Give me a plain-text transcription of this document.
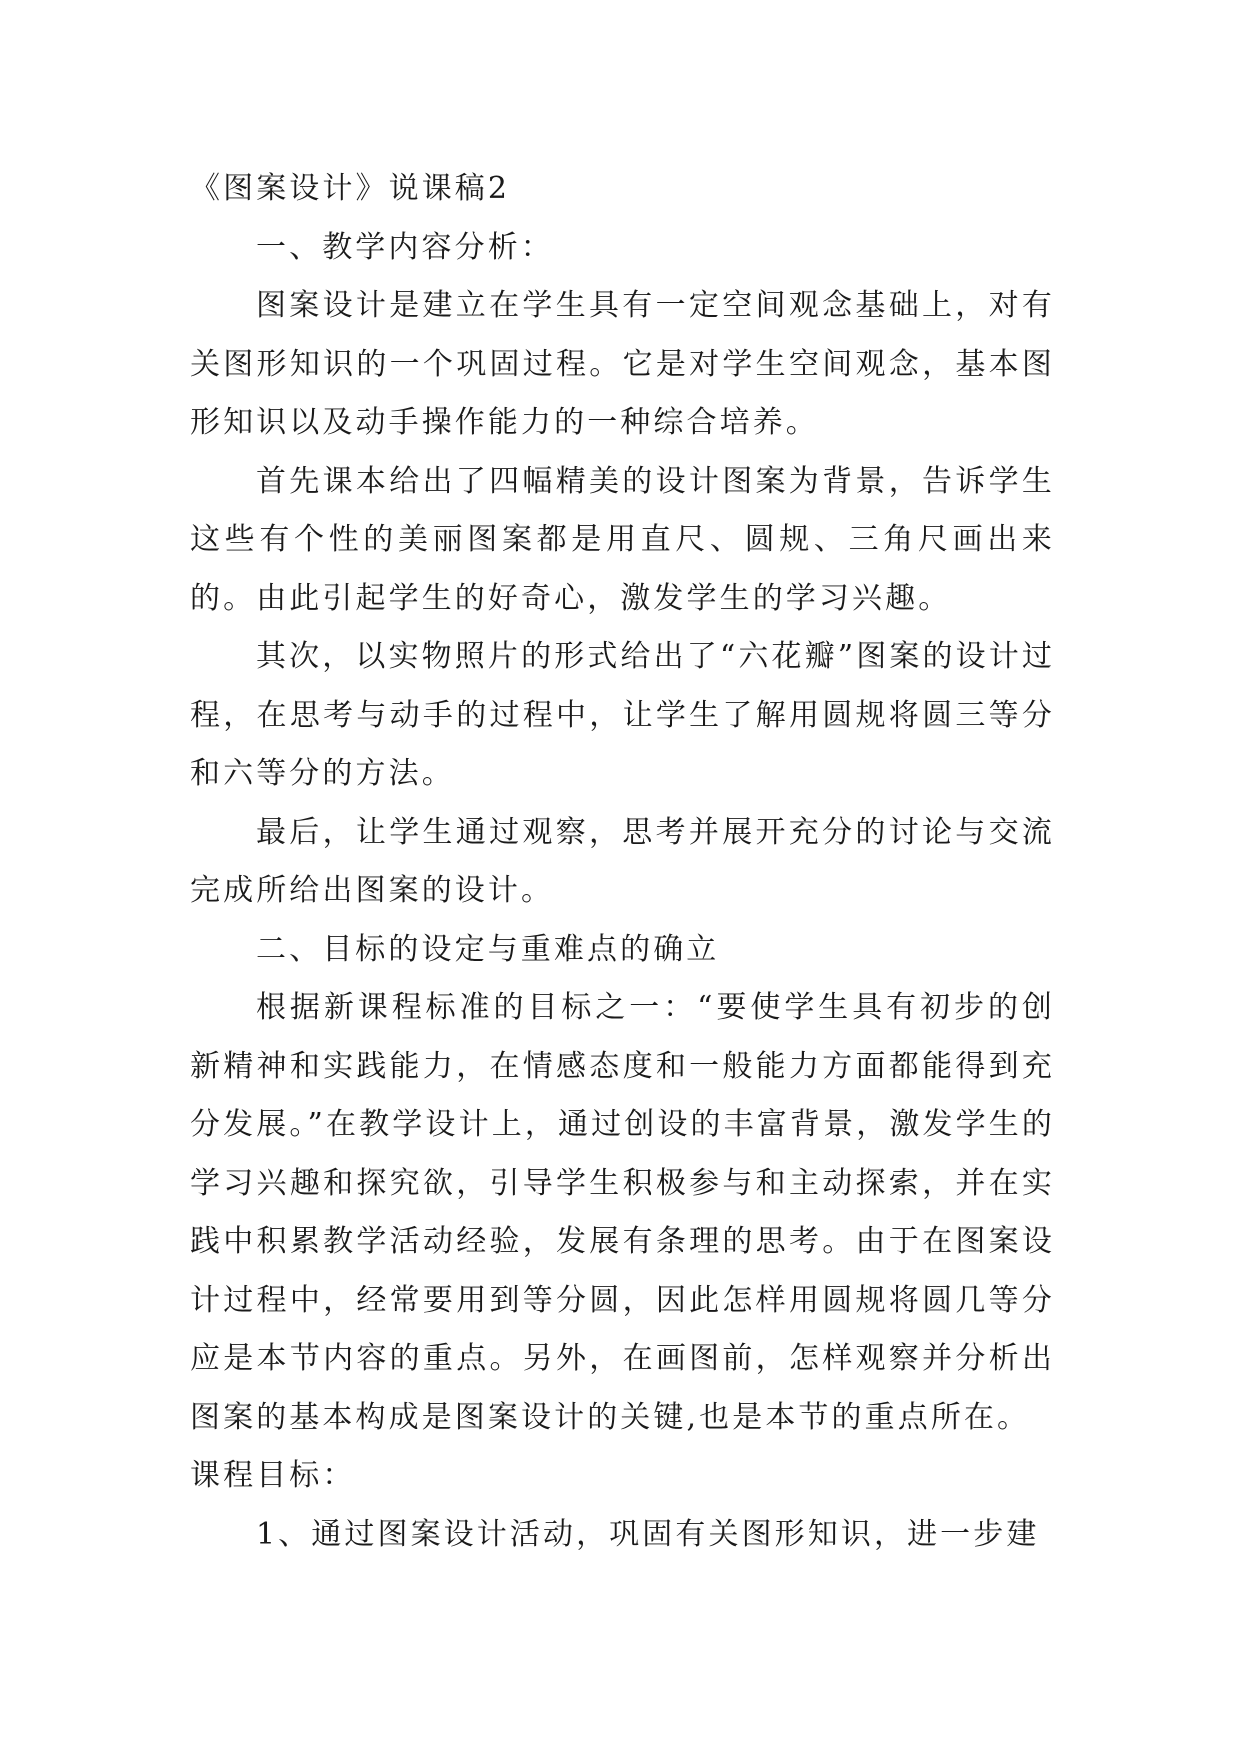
《图案设计》说课稿2

一、教学内容分析：

图案设计是建立在学生具有一定空间观念基础上，对有关图形知识的一个巩固过程。它是对学生空间观念，基本图形知识以及动手操作能力的一种综合培养。

首先课本给出了四幅精美的设计图案为背景，告诉学生这些有个性的美丽图案都是用直尺、圆规、三角尺画出来的。由此引起学生的好奇心，激发学生的学习兴趣。

其次，以实物照片的形式给出了“六花瓣”图案的设计过程，在思考与动手的过程中，让学生了解用圆规将圆三等分和六等分的方法。

最后，让学生通过观察，思考并展开充分的讨论与交流完成所给出图案的设计。

二、目标的设定与重难点的确立

根据新课程标准的目标之一：“要使学生具有初步的创新精神和实践能力，在情感态度和一般能力方面都能得到充分发展。”在教学设计上，通过创设的丰富背景，激发学生的学习兴趣和探究欲，引导学生积极参与和主动探索，并在实践中积累教学活动经验，发展有条理的思考。由于在图案设计过程中，经常要用到等分圆，因此怎样用圆规将圆几等分应是本节内容的重点。另外，在画图前，怎样观察并分析出图案的基本构成是图案设计的关键,也是本节的重点所在。

课程目标：

1、通过图案设计活动，巩固有关图形知识，进一步建
